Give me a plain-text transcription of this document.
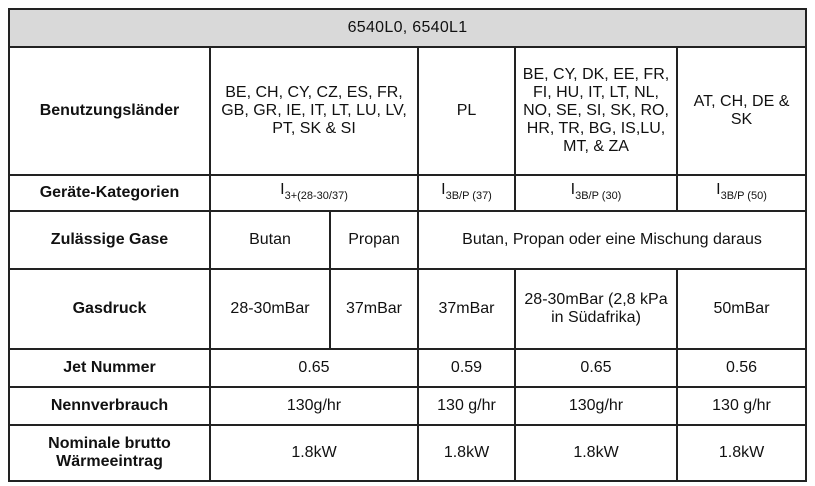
6540L0, 6540L1					
Benutzungsländer	BE, CH, CY, CZ, ES, FR, GB, GR, IE, IT, LT, LU, LV, PT, SK & SI		PL	BE, CY, DK, EE, FR, FI, HU, IT, LT, NL, NO, SE, SI, SK, RO, HR, TR, BG, IS,LU, MT, & ZA	AT, CH, DE & SK
Geräte-Kategorien	$I_{3+(28-30/37)}$		$I_{3B/P (37)}$	$I_{3B/P (30)}$	$I_{3B/P (50)}$
Zulässige Gase	Butan	Propan	Butan, Propan oder eine Mischung daraus		
Gasdruck	28-30mBar	37mBar	37mBar	28-30mBar (2,8 kPa in Südafrika)	50mBar
Jet Nummer	0.65		0.59	0.65	0.56
Nennverbrauch	130g/hr		130 g/hr	130g/hr	130 g/hr
Nominale brutto Wärmeeintrag	1.8kW		1.8kW	1.8kW	1.8kW
